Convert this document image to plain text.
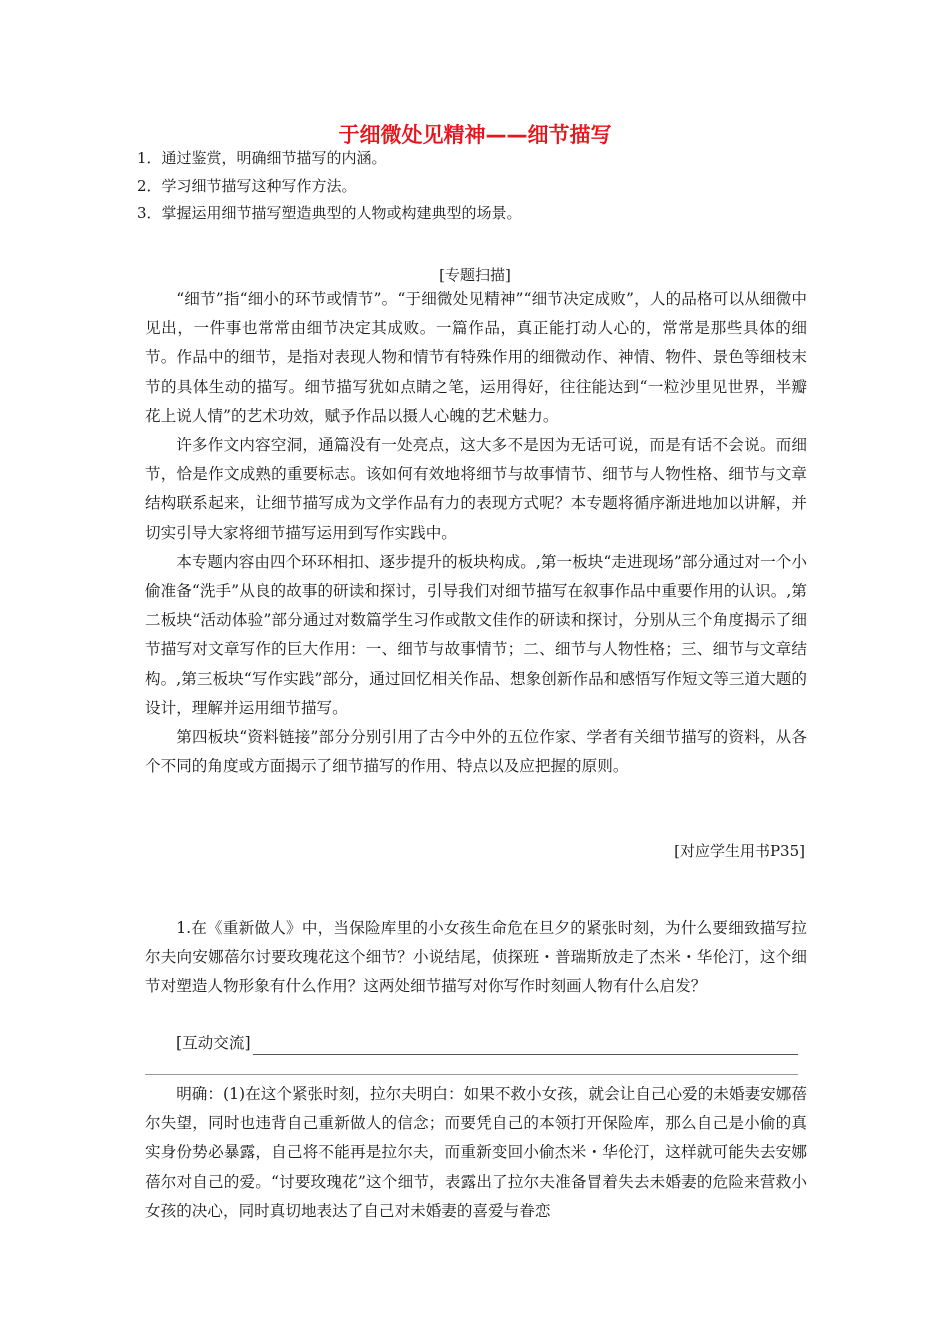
于细微处见精神——细节描写
1．通过鉴赏，明确细节描写的内涵。
2．学习细节描写这种写作方法。
3．掌握运用细节描写塑造典型的人物或构建典型的场景。

[专题扫描]

“细节”指“细小的环节或情节”。“于细微处见精神”“细节决定成败”，人的品格可以从细微中见出，一件事也常常由细节决定其成败。一篇作品，真正能打动人心的，常常是那些具体的细节。作品中的细节，是指对表现人物和情节有特殊作用的细微动作、神情、物件、景色等细枝末节的具体生动的描写。细节描写犹如点睛之笔，运用得好，往往能达到“一粒沙里见世界，半瓣花上说人情”的艺术功效，赋予作品以摄人心魄的艺术魅力。

许多作文内容空洞，通篇没有一处亮点，这大多不是因为无话可说，而是有话不会说。而细节，恰是作文成熟的重要标志。该如何有效地将细节与故事情节、细节与人物性格、细节与文章结构联系起来，让细节描写成为文学作品有力的表现方式呢？本专题将循序渐进地加以讲解，并切实引导大家将细节描写运用到写作实践中。

本专题内容由四个环环相扣、逐步提升的板块构成。,第一板块“走进现场”部分通过对一个小偷准备“洗手”从良的故事的研读和探讨，引导我们对细节描写在叙事作品中重要作用的认识。,第二板块“活动体验”部分通过对数篇学生习作或散文佳作的研读和探讨，分别从三个角度揭示了细节描写对文章写作的巨大作用：一、细节与故事情节；二、细节与人物性格；三、细节与文章结构。,第三板块“写作实践”部分，通过回忆相关作品、想象创新作品和感悟写作短文等三道大题的设计，理解并运用细节描写。

第四板块“资料链接”部分分别引用了古今中外的五位作家、学者有关细节描写的资料，从各个不同的角度或方面揭示了细节描写的作用、特点以及应把握的原则。

[对应学生用书P35]

1.在《重新做人》中，当保险库里的小女孩生命危在旦夕的紧张时刻，为什么要细致描写拉尔夫向安娜蓓尔讨要玫瑰花这个细节？小说结尾，侦探班・普瑞斯放走了杰米・华伦汀，这个细节对塑造人物形象有什么作用？这两处细节描写对你写作时刻画人物有什么启发？

[互动交流]

明确：(1)在这个紧张时刻，拉尔夫明白：如果不救小女孩，就会让自己心爱的未婚妻安娜蓓尔失望，同时也违背自己重新做人的信念；而要凭自己的本领打开保险库，那么自己是小偷的真实身份势必暴露，自己将不能再是拉尔夫，而重新变回小偷杰米・华伦汀，这样就可能失去安娜蓓尔对自己的爱。“讨要玫瑰花”这个细节，表露出了拉尔夫准备冒着失去未婚妻的危险来营救小女孩的决心，同时真切地表达了自己对未婚妻的喜爱与眷恋
